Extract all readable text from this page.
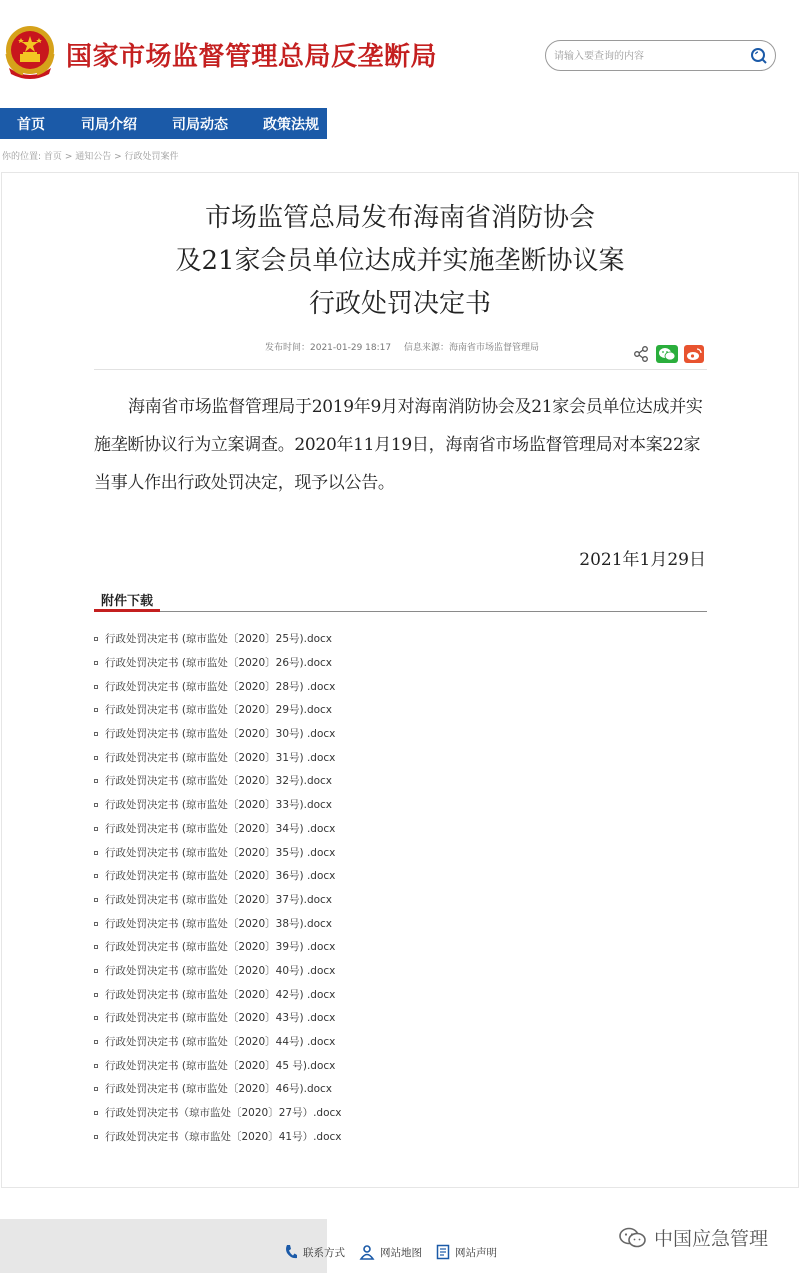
国家市场监督管理总局反垄断局
请输入要查询的内容
首页	司局介绍	司局动态	政策法规
你的位置: 首页 > 通知公告 > 行政处罚案件
市场监管总局发布海南省消防协会
及21家会员单位达成并实施垄断协议案
行政处罚决定书
发布时间：2021-01-29 18:17 信息来源：海南省市场监督管理局
海南省市场监督管理局于2019年9月对海南消防协会及21家会员单位达成并实施垄断协议行为立案调查。2020年11月19日，海南省市场监督管理局对本案22家当事人作出行政处罚决定，现予以公告。
2021年1月29日
附件下载
行政处罚决定书 (琼市监处〔2020〕25号).docx
行政处罚决定书 (琼市监处〔2020〕26号).docx
行政处罚决定书 (琼市监处〔2020〕28号) .docx
行政处罚决定书 (琼市监处〔2020〕29号).docx
行政处罚决定书 (琼市监处〔2020〕30号) .docx
行政处罚决定书 (琼市监处〔2020〕31号) .docx
行政处罚决定书 (琼市监处〔2020〕32号).docx
行政处罚决定书 (琼市监处〔2020〕33号).docx
行政处罚决定书 (琼市监处〔2020〕34号) .docx
行政处罚决定书 (琼市监处〔2020〕35号) .docx
行政处罚决定书 (琼市监处〔2020〕36号) .docx
行政处罚决定书 (琼市监处〔2020〕37号).docx
行政处罚决定书 (琼市监处〔2020〕38号).docx
行政处罚决定书 (琼市监处〔2020〕39号) .docx
行政处罚决定书 (琼市监处〔2020〕40号) .docx
行政处罚决定书 (琼市监处〔2020〕42号) .docx
行政处罚决定书 (琼市监处〔2020〕43号) .docx
行政处罚决定书 (琼市监处〔2020〕44号) .docx
行政处罚决定书 (琼市监处〔2020〕45 号).docx
行政处罚决定书 (琼市监处〔2020〕46号).docx
行政处罚决定书（琼市监处〔2020〕27号）.docx
行政处罚决定书（琼市监处〔2020〕41号）.docx
联系方式	网站地图	网站声明
中国应急管理
